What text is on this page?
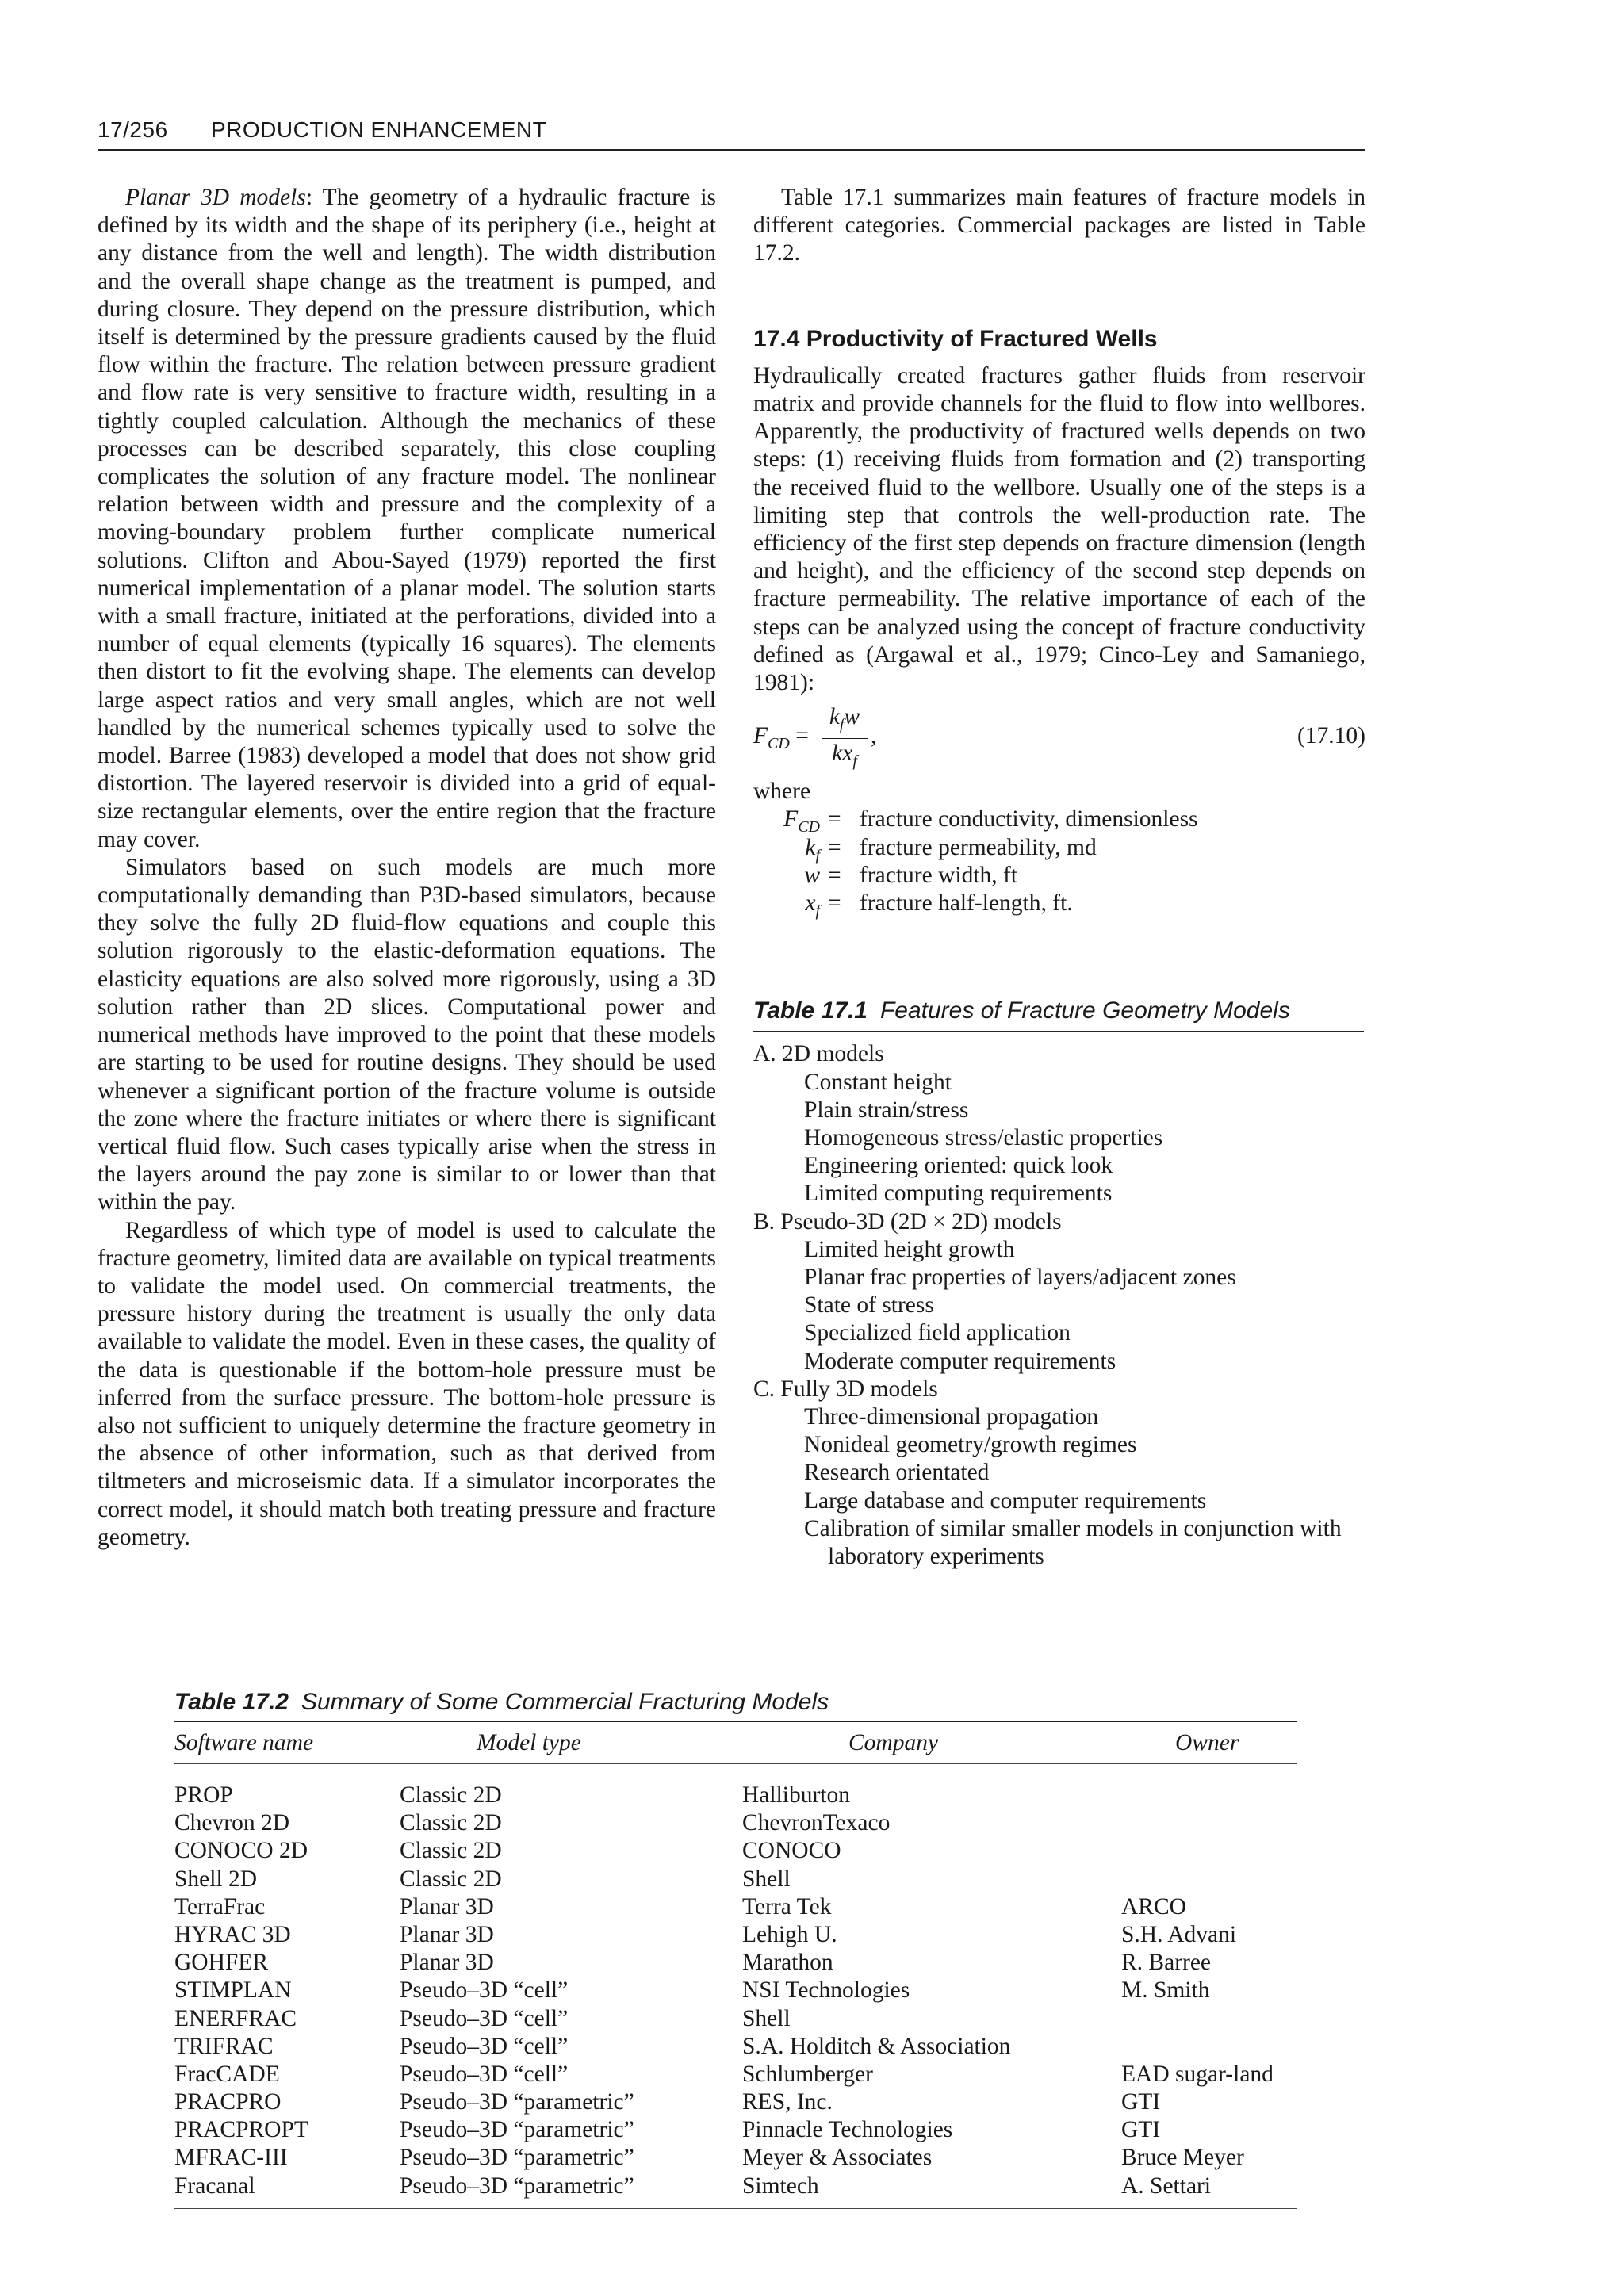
17/256 PRODUCTION ENHANCEMENT

Planar 3D models: The geometry of a hydraulic fracture is defined by its width and the shape of its periphery (i.e., height at any distance from the well and length). The width distribution and the overall shape change as the treatment is pumped, and during closure. They depend on the pressure distribution, which itself is determined by the pressure gradients caused by the fluid flow within the fracture. The relation between pressure gradient and flow rate is very sensitive to fracture width, resulting in a tightly coupled calculation. Although the mechanics of these processes can be described separately, this close coupling complicates the solution of any fracture model. The nonlinear relation between width and pressure and the complexity of a moving-boundary problem further complicate numerical solutions. Clifton and Abou-Sayed (1979) reported the first numerical implementation of a planar model. The solution starts with a small fracture, initiated at the perforations, divided into a number of equal elements (typically 16 squares). The elements then distort to fit the evolving shape. The elements can develop large aspect ratios and very small angles, which are not well handled by the numerical schemes typically used to solve the model. Barree (1983) developed a model that does not show grid distortion. The layered reservoir is divided into a grid of equal-size rectangular elements, over the entire region that the fracture may cover.

Simulators based on such models are much more computationally demanding than P3D-based simulators, because they solve the fully 2D fluid-flow equations and couple this solution rigorously to the elastic-deformation equations. The elasticity equations are also solved more rigorously, using a 3D solution rather than 2D slices. Computational power and numerical methods have improved to the point that these models are starting to be used for routine designs. They should be used whenever a significant portion of the fracture volume is outside the zone where the fracture initiates or where there is significant vertical fluid flow. Such cases typically arise when the stress in the layers around the pay zone is similar to or lower than that within the pay.

Regardless of which type of model is used to calculate the fracture geometry, limited data are available on typical treatments to validate the model used. On commercial treatments, the pressure history during the treatment is usually the only data available to validate the model. Even in these cases, the quality of the data is questionable if the bottom-hole pressure must be inferred from the surface pressure. The bottom-hole pressure is also not sufficient to uniquely determine the fracture geometry in the absence of other information, such as that derived from tiltmeters and microseismic data. If a simulator incorporates the correct model, it should match both treating pressure and fracture geometry.

Table 17.1 summarizes main features of fracture models in different categories. Commercial packages are listed in Table 17.2.

17.4 Productivity of Fractured Wells

Hydraulically created fractures gather fluids from reservoir matrix and provide channels for the fluid to flow into wellbores. Apparently, the productivity of fractured wells depends on two steps: (1) receiving fluids from formation and (2) transporting the received fluid to the wellbore. Usually one of the steps is a limiting step that controls the well-production rate. The efficiency of the first step depends on fracture dimension (length and height), and the efficiency of the second step depends on fracture permeability. The relative importance of each of the steps can be analyzed using the concept of fracture conductivity defined as (Argawal et al., 1979; Cinco-Ley and Samaniego, 1981):

$F_{CD}$ =
$k_fw$
$kx_f$
,	(17.10)
where
$F_{CD}$ = fracture conductivity, dimensionless
$k_f$ = fracture permeability, md
w = fracture width, ft
$x_f$ = fracture half-length, ft.
Table 17.1 Features of Fracture Geometry Models
A. 2D models
Constant height
Plain strain/stress
Homogeneous stress/elastic properties
Engineering oriented: quick look
Limited computing requirements
B. Pseudo-3D (2D × 2D) models
Limited height growth
Planar frac properties of layers/adjacent zones
State of stress
Specialized field application
Moderate computer requirements
C. Fully 3D models
Three-dimensional propagation
Nonideal geometry/growth regimes
Research orientated
Large database and computer requirements
Calibration of similar smaller models in conjunction with laboratory experiments
Table 17.2 Summary of Some Commercial Fracturing Models
Software name	Model type	Company	Owner
PROP	Classic 2D	Halliburton
Chevron 2D	Classic 2D	ChevronTexaco
CONOCO 2D	Classic 2D	CONOCO
Shell 2D	Classic 2D	Shell
TerraFrac	Planar 3D	Terra Tek	ARCO
HYRAC 3D	Planar 3D	Lehigh U.	S.H. Advani
GOHFER	Planar 3D	Marathon	R. Barree
STIMPLAN	Pseudo–3D “cell”	NSI Technologies	M. Smith
ENERFRAC	Pseudo–3D “cell”	Shell
TRIFRAC	Pseudo–3D “cell”	S.A. Holditch & Association
FracCADE	Pseudo–3D “cell”	Schlumberger	EAD sugar-land
PRACPRO	Pseudo–3D “parametric”	RES, Inc.	GTI
PRACPROPT	Pseudo–3D “parametric”	Pinnacle Technologies	GTI
MFRAC-III	Pseudo–3D “parametric”	Meyer & Associates	Bruce Meyer
Fracanal	Pseudo–3D “parametric”	Simtech	A. Settari
